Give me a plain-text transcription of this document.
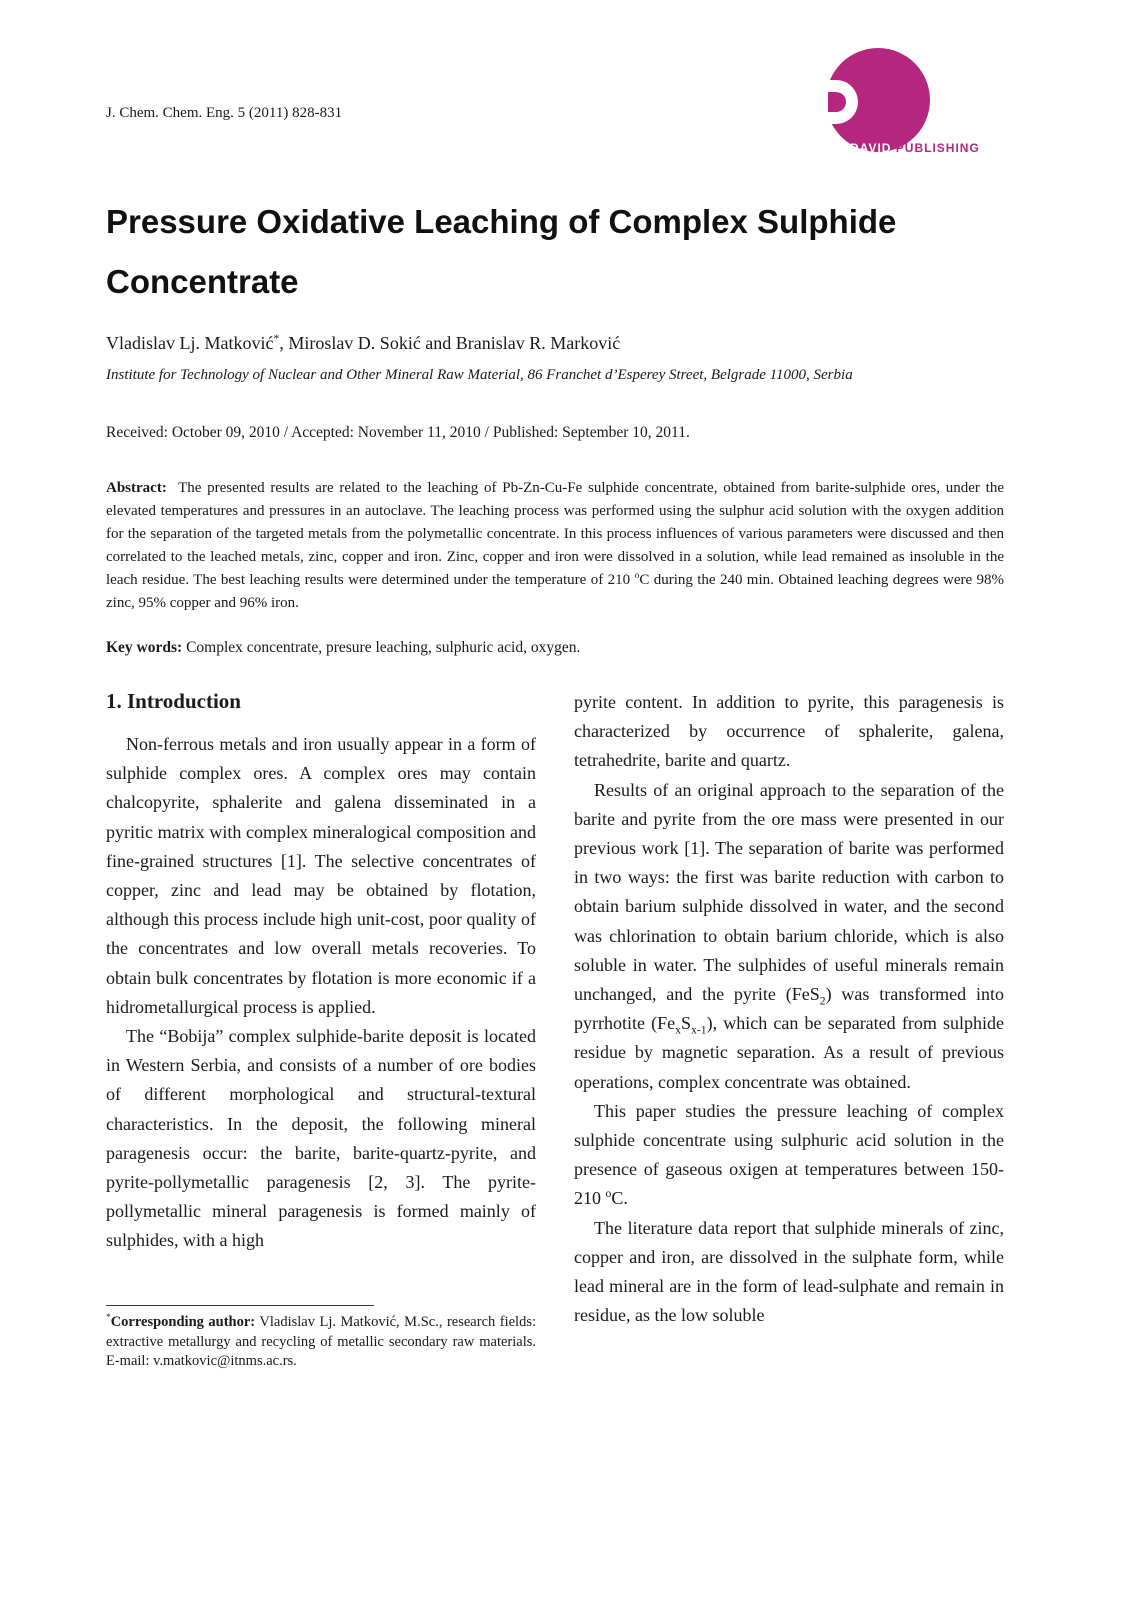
J. Chem. Chem. Eng. 5 (2011) 828-831
DAVID PUBLISHING
Pressure Oxidative Leaching of Complex Sulphide
Concentrate
Vladislav Lj. Matković*, Miroslav D. Sokić and Branislav R. Marković
Institute for Technology of Nuclear and Other Mineral Raw Material, 86 Franchet d’Esperey Street, Belgrade 11000, Serbia
Received: October 09, 2010 / Accepted: November 11, 2010 / Published: September 10, 2011.
Abstract: The presented results are related to the leaching of Pb-Zn-Cu-Fe sulphide concentrate, obtained from barite-sulphide ores, under the elevated temperatures and pressures in an autoclave. The leaching process was performed using the sulphur acid solution with the oxygen addition for the separation of the targeted metals from the polymetallic concentrate. In this process influences of various parameters were discussed and then correlated to the leached metals, zinc, copper and iron. Zinc, copper and iron were dissolved in a solution, while lead remained as insoluble in the leach residue. The best leaching results were determined under the temperature of 210 $^o$C during the 240 min. Obtained leaching degrees were 98% zinc, 95% copper and 96% iron.
Key words: Complex concentrate, presure leaching, sulphuric acid, oxygen.
1. Introduction

Non-ferrous metals and iron usually appear in a form of sulphide complex ores. A complex ores may contain chalcopyrite, sphalerite and galena disseminated in a pyritic matrix with complex mineralogical composition and fine-grained structures [1]. The selective concentrates of copper, zinc and lead may be obtained by flotation, although this process include high unit-cost, poor quality of the concentrates and low overall metals recoveries. To obtain bulk concentrates by flotation is more economic if a hidrometallurgical process is applied.

The “Bobija” complex sulphide-barite deposit is located in Western Serbia, and consists of a number of ore bodies of different morphological and structural-textural characteristics. In the deposit, the following mineral paragenesis occur: the barite, barite-quartz-pyrite, and pyrite-pollymetallic paragenesis [2, 3]. The pyrite-pollymetallic mineral paragenesis is formed mainly of sulphides, with a high

pyrite content. In addition to pyrite, this paragenesis is characterized by occurrence of sphalerite, galena, tetrahedrite, barite and quartz.

Results of an original approach to the separation of the barite and pyrite from the ore mass were presented in our previous work [1]. The separation of barite was performed in two ways: the first was barite reduction with carbon to obtain barium sulphide dissolved in water, and the second was chlorination to obtain barium chloride, which is also soluble in water. The sulphides of useful minerals remain unchanged, and the pyrite (FeS$_2$) was transformed into pyrrhotite $(Fe_xS_{x-1})$, which can be separated from sulphide residue by magnetic separation. As a result of previous operations, complex concentrate was obtained.

This paper studies the pressure leaching of complex sulphide concentrate using sulphuric acid solution in the presence of gaseous oxigen at temperatures between 150-210 $^o$C.

The literature data report that sulphide minerals of zinc, copper and iron, are dissolved in the sulphate form, while lead mineral are in the form of lead-sulphate and remain in residue, as the low soluble

*Corresponding author: Vladislav Lj. Matković, M.Sc., research fields: extractive metallurgy and recycling of metallic secondary raw materials. E-mail: v.matkovic@itnms.ac.rs.
